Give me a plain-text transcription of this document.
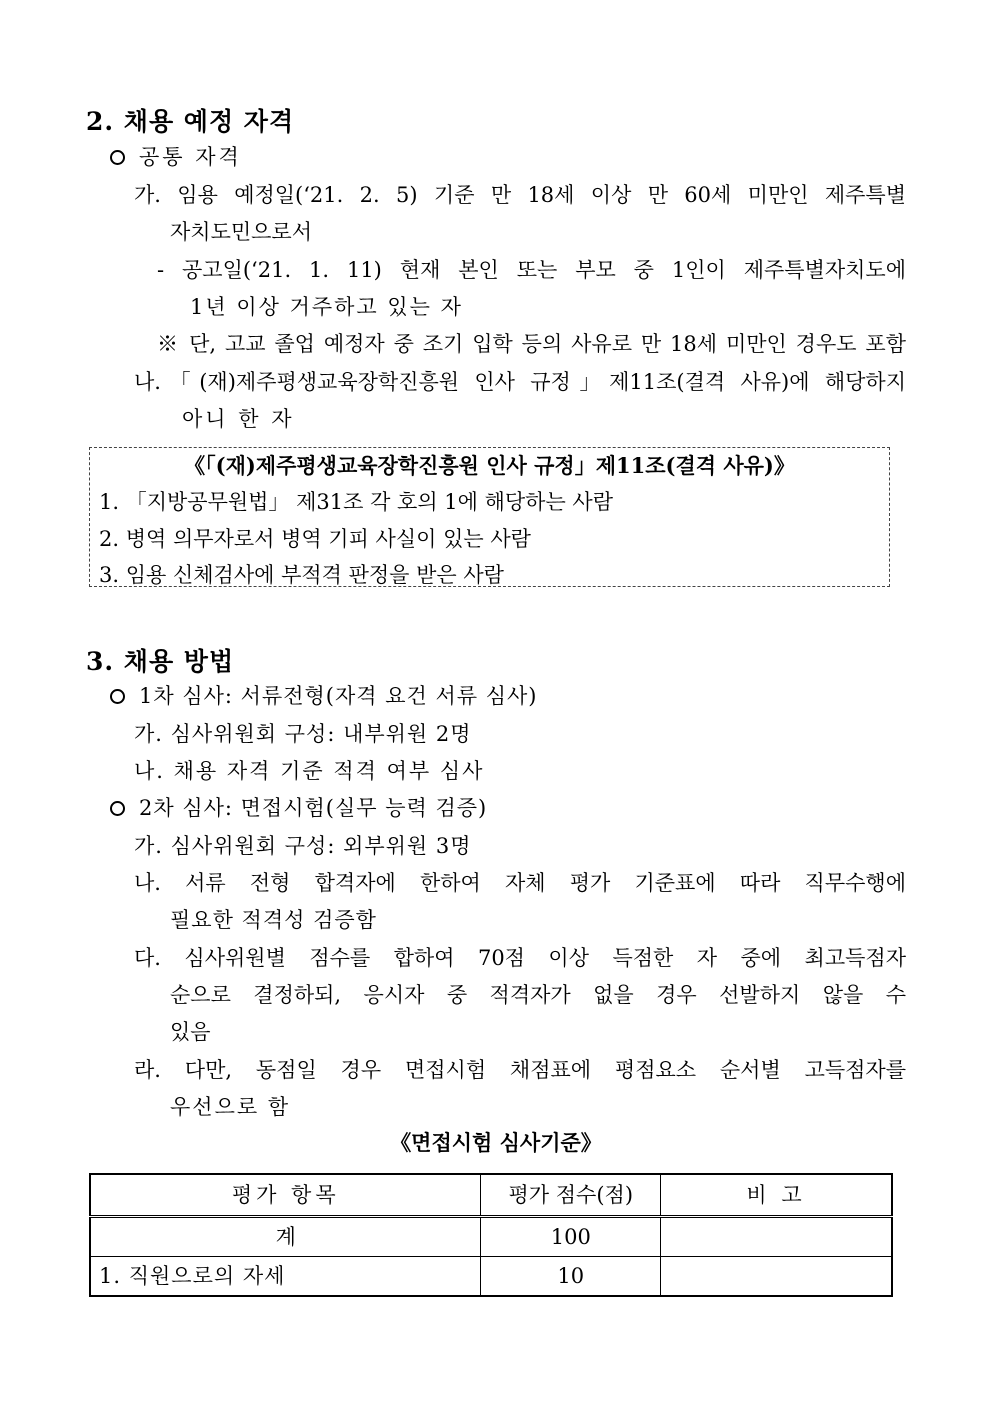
2. 채용 예정 자격
공통 자격
가. 임용 예정일(‘21. 2. 5) 기준 만 18세 이상 만 60세 미만인 제주특별
자치도민으로서
- 공고일(‘21. 1. 11) 현재 본인 또는 부모 중 1인이 제주특별자치도에
1년 이상 거주하고 있는 자
※ 단, 고교 졸업 예정자 중 조기 입학 등의 사유로 만 18세 미만인 경우도 포함
나.「(재)제주평생교육장학진흥원 인사 규정」제11조(결격 사유)에 해당하지
아니 한 자
《「(재)제주평생교육장학진흥원 인사 규정」제11조(결격 사유)》
1. 「지방공무원법」 제31조 각 호의 1에 해당하는 사람
2. 병역 의무자로서 병역 기피 사실이 있는 사람
3. 임용 신체검사에 부적격 판정을 받은 사람
3. 채용 방법
1차 심사: 서류전형(자격 요건 서류 심사)
가. 심사위원회 구성: 내부위원 2명
나. 채용 자격 기준 적격 여부 심사
2차 심사: 면접시험(실무 능력 검증)
가. 심사위원회 구성: 외부위원 3명
나. 서류 전형 합격자에 한하여 자체 평가 기준표에 따라 직무수행에
필요한 적격성 검증함
다. 심사위원별 점수를 합하여 70점 이상 득점한 자 중에 최고득점자
순으로 결정하되, 응시자 중 적격자가 없을 경우 선발하지 않을 수
있음
라. 다만, 동점일 경우 면접시험 채점표에 평점요소 순서별 고득점자를
우선으로 함
《면접시험 심사기준》
평가 항목	평가 점수(점)	비 고
계	100	
1. 직원으로의 자세	10	
